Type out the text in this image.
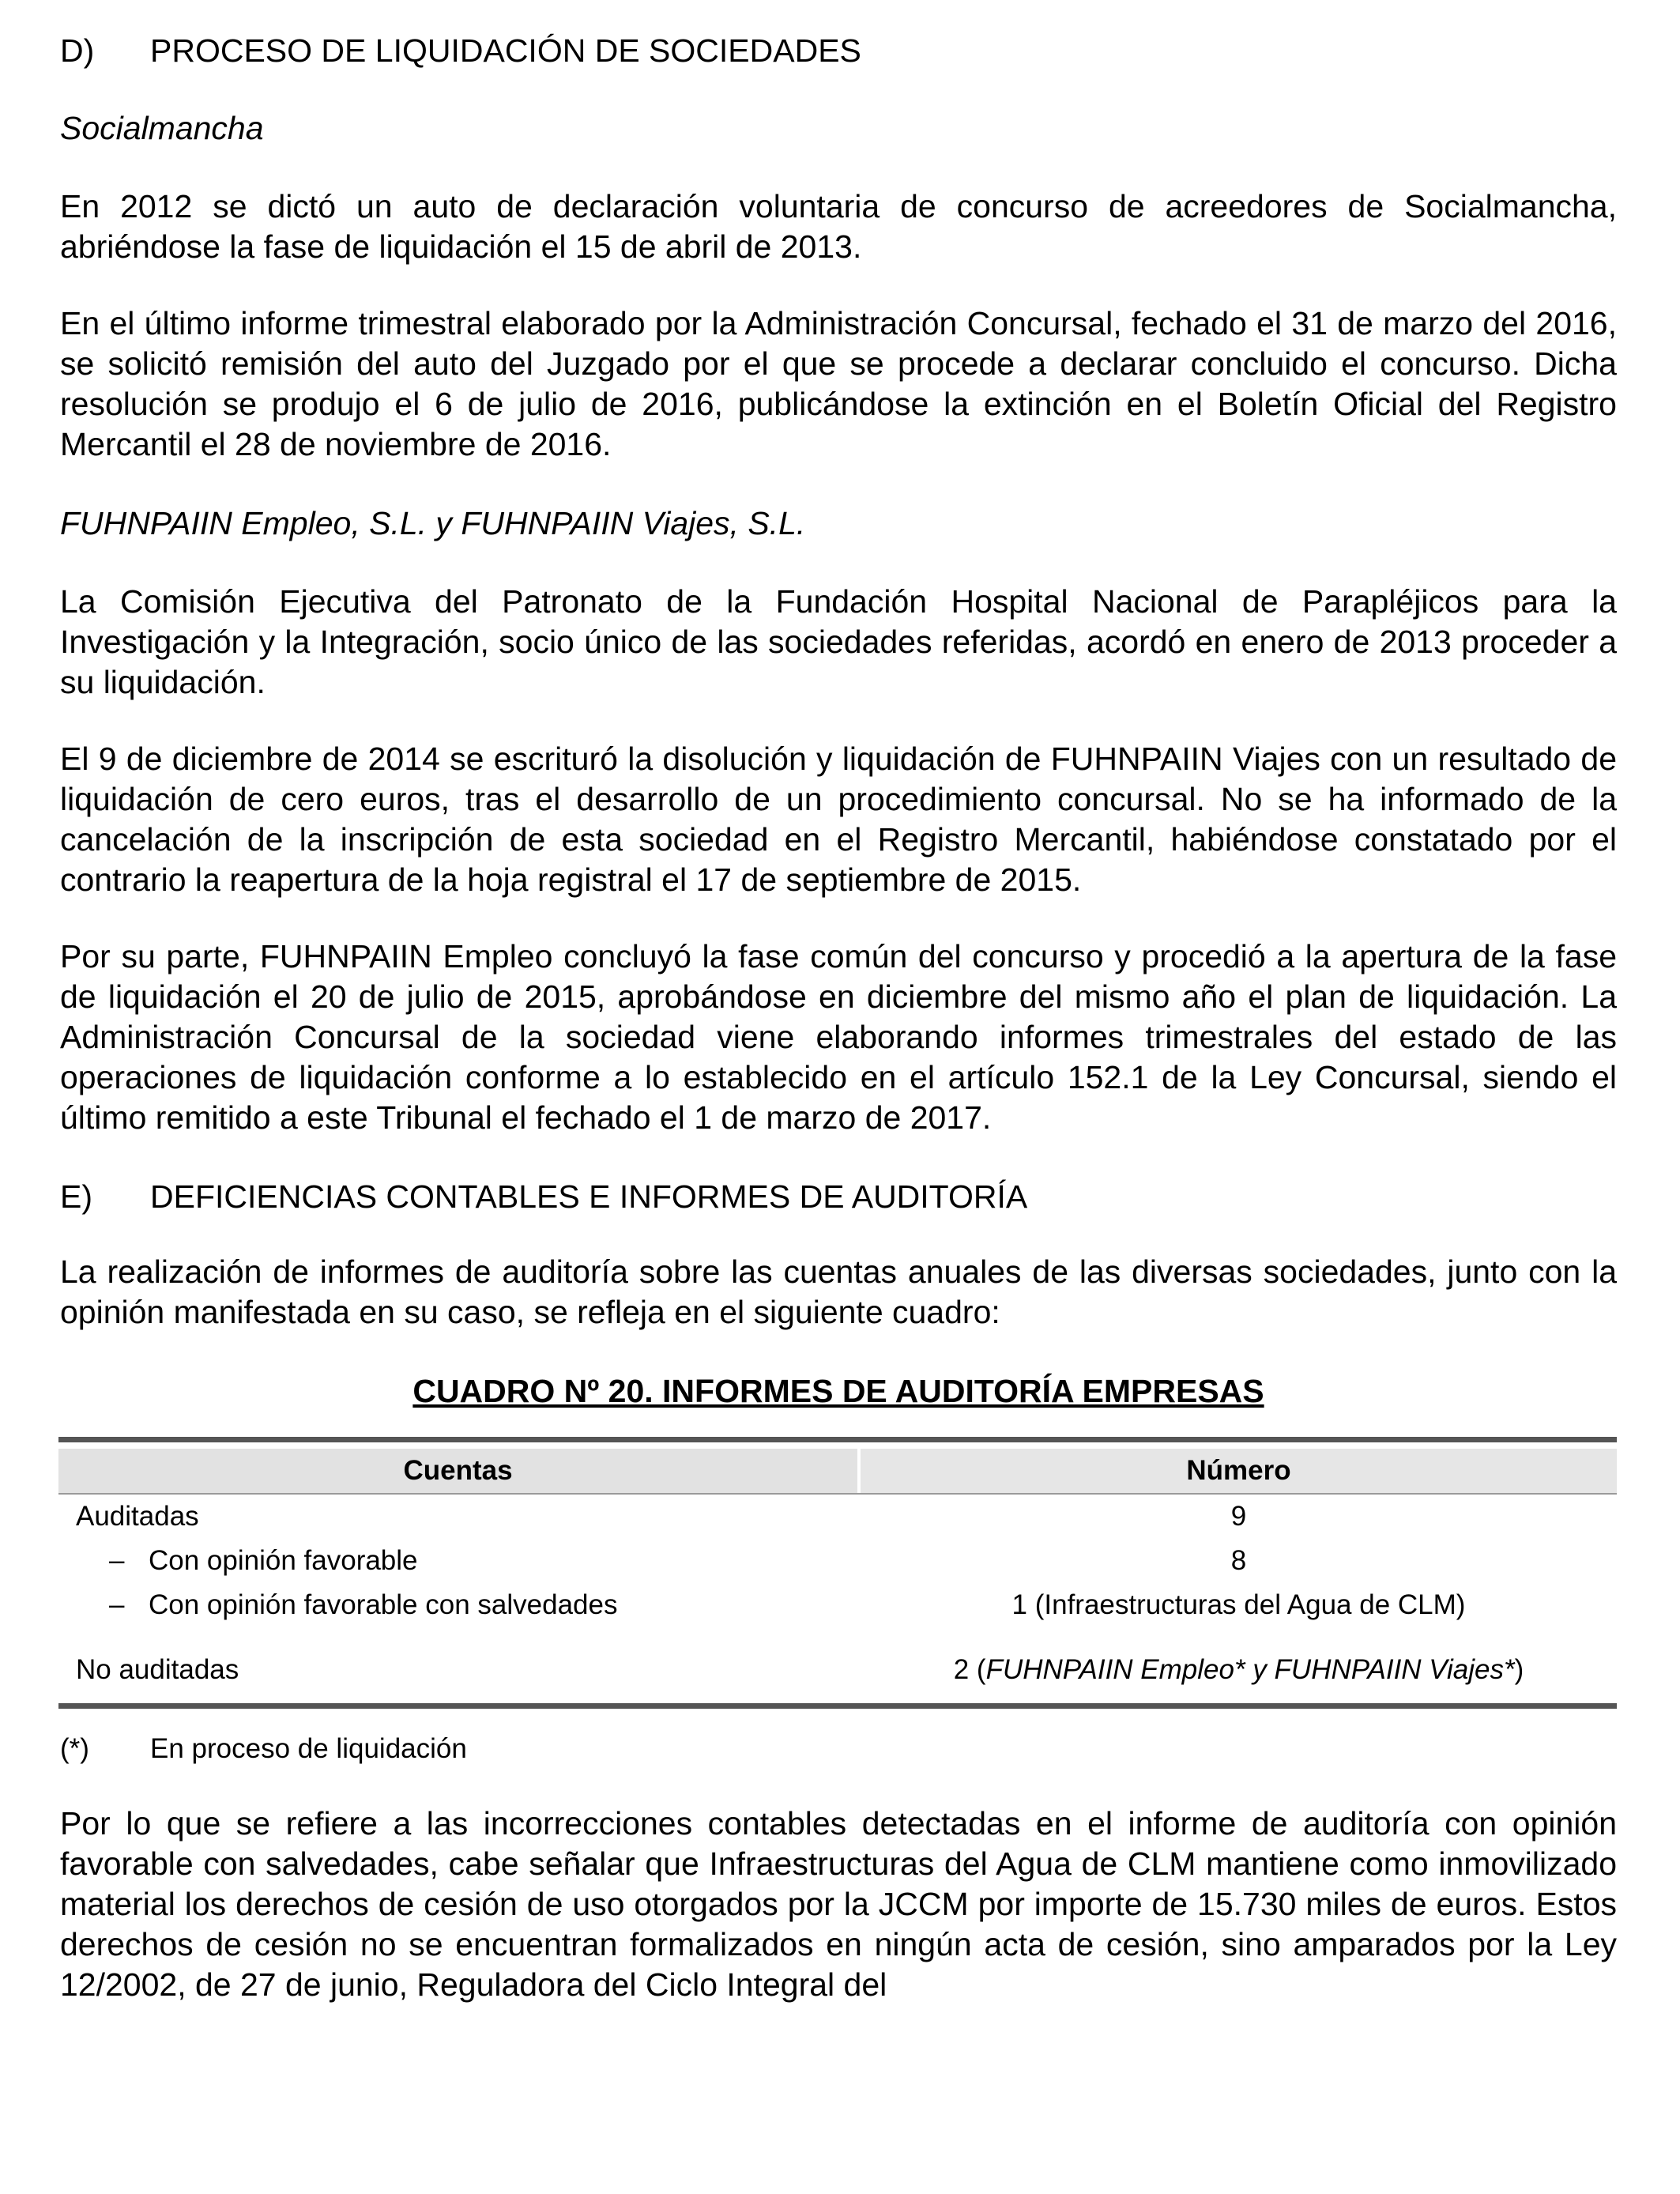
D)	PROCESO DE LIQUIDACIÓN DE SOCIEDADES
Socialmancha

En 2012 se dictó un auto de declaración voluntaria de concurso de acreedores de Socialmancha, abriéndose la fase de liquidación el 15 de abril de 2013.

En el último informe trimestral elaborado por la Administración Concursal, fechado el 31 de marzo del 2016, se solicitó remisión del auto del Juzgado por el que se procede a declarar concluido el concurso. Dicha resolución se produjo el 6 de julio de 2016, publicándose la extinción en el Boletín Oficial del Registro Mercantil el 28 de noviembre de 2016.

FUHNPAIIN Empleo, S.L. y FUHNPAIIN Viajes, S.L.

La Comisión Ejecutiva del Patronato de la Fundación Hospital Nacional de Parapléjicos para la Investigación y la Integración, socio único de las sociedades referidas, acordó en enero de 2013 proceder a su liquidación.

El 9 de diciembre de 2014 se escrituró la disolución y liquidación de FUHNPAIIN Viajes con un resultado de liquidación de cero euros, tras el desarrollo de un procedimiento concursal. No se ha informado de la cancelación de la inscripción de esta sociedad en el Registro Mercantil, habiéndose constatado por el contrario la reapertura de la hoja registral el 17 de septiembre de 2015.

Por su parte, FUHNPAIIN Empleo concluyó la fase común del concurso y procedió a la apertura de la fase de liquidación el 20 de julio de 2015, aprobándose en diciembre del mismo año el plan de liquidación. La Administración Concursal de la sociedad viene elaborando informes trimestrales del estado de las operaciones de liquidación conforme a lo establecido en el artículo 152.1 de la Ley Concursal, siendo el último remitido a este Tribunal el fechado el 1 de marzo de 2017.

E)	DEFICIENCIAS CONTABLES E INFORMES DE AUDITORÍA

La realización de informes de auditoría sobre las cuentas anuales de las diversas sociedades, junto con la opinión manifestada en su caso, se refleja en el siguiente cuadro:

CUADRO Nº 20. INFORMES DE AUDITORÍA EMPRESAS
Cuentas	Número
Auditadas	9
– Con opinión favorable	8
– Con opinión favorable con salvedades	1 (Infraestructuras del Agua de CLM)
No auditadas	2 (FUHNPAIIN Empleo* y FUHNPAIIN Viajes*)
(*)	En proceso de liquidación

Por lo que se refiere a las incorrecciones contables detectadas en el informe de auditoría con opinión favorable con salvedades, cabe señalar que Infraestructuras del Agua de CLM mantiene como inmovilizado material los derechos de cesión de uso otorgados por la JCCM por importe de 15.730 miles de euros. Estos derechos de cesión no se encuentran formalizados en ningún acta de cesión, sino amparados por la Ley 12/2002, de 27 de junio, Reguladora del Ciclo Integral del
